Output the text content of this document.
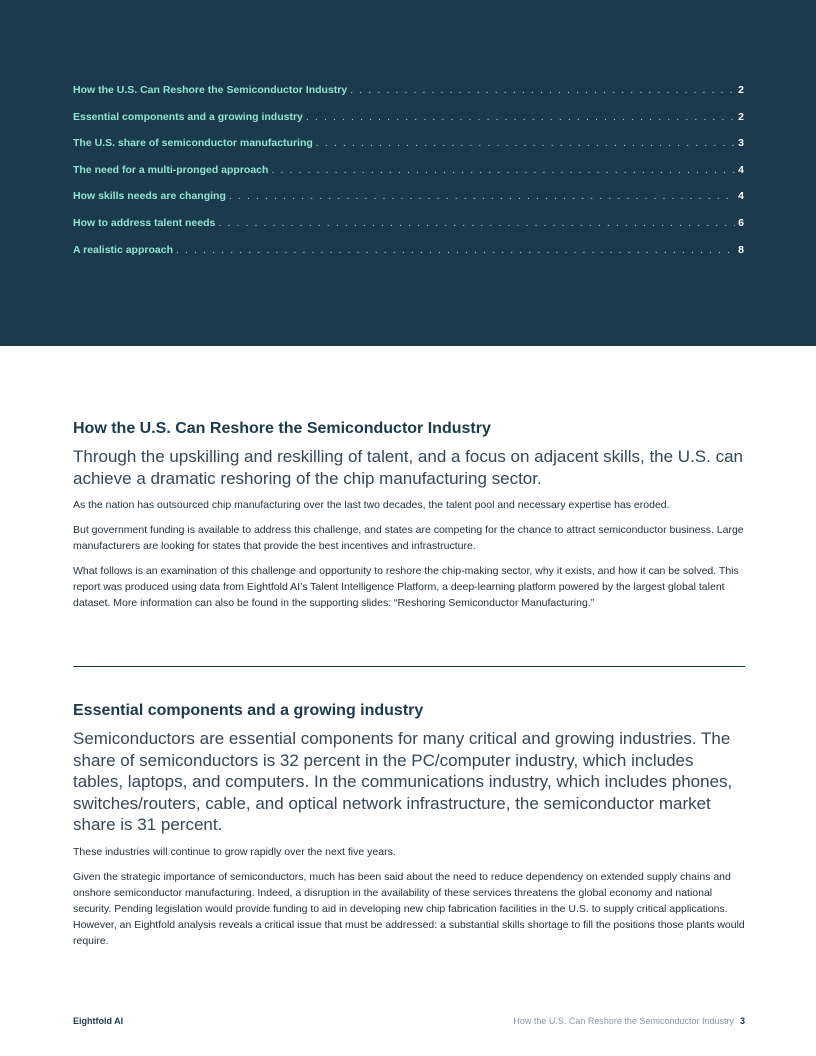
How the U.S. Can Reshore the Semiconductor Industry . . .	2
Essential components and a growing industry . . .	2
The U.S. share of semiconductor manufacturing . . .	3
The need for a multi-pronged approach . . .	4
How skills needs are changing . . .	4
How to address talent needs . . .	6
A realistic approach . . .	8
How the U.S. Can Reshore the Semiconductor Industry

Through the upskilling and reskilling of talent, and a focus on adjacent skills, the U.S. can achieve a dramatic reshoring of the chip manufacturing sector.

As the nation has outsourced chip manufacturing over the last two decades, the talent pool and necessary expertise has eroded.

But government funding is available to address this challenge, and states are competing for the chance to attract semiconductor business. Large manufacturers are looking for states that provide the best incentives and infrastructure.

What follows is an examination of this challenge and opportunity to reshore the chip-making sector, why it exists, and how it can be solved. This report was produced using data from Eightfold AI’s Talent Intelligence Platform, a deep-learning platform powered by the largest global talent dataset. More information can also be found in the supporting slides: “Reshoring Semiconductor Manufacturing.”

Essential components and a growing industry

Semiconductors are essential components for many critical and growing industries. The share of semiconductors is 32 percent in the PC/computer industry, which includes tables, laptops, and computers. In the communications industry, which includes phones, switches/routers, cable, and optical network infrastructure, the semiconductor market share is 31 percent.

These industries will continue to grow rapidly over the next five years.

Given the strategic importance of semiconductors, much has been said about the need to reduce dependency on extended supply chains and onshore semiconductor manufacturing. Indeed, a disruption in the availability of these services threatens the global economy and national security. Pending legislation would provide funding to aid in developing new chip fabrication facilities in the U.S. to supply critical applications. However, an Eightfold analysis reveals a critical issue that must be addressed: a substantial skills shortage to fill the positions those plants would require.

Eightfold AI	How the U.S. Can Reshore the Semiconductor Industry 3
